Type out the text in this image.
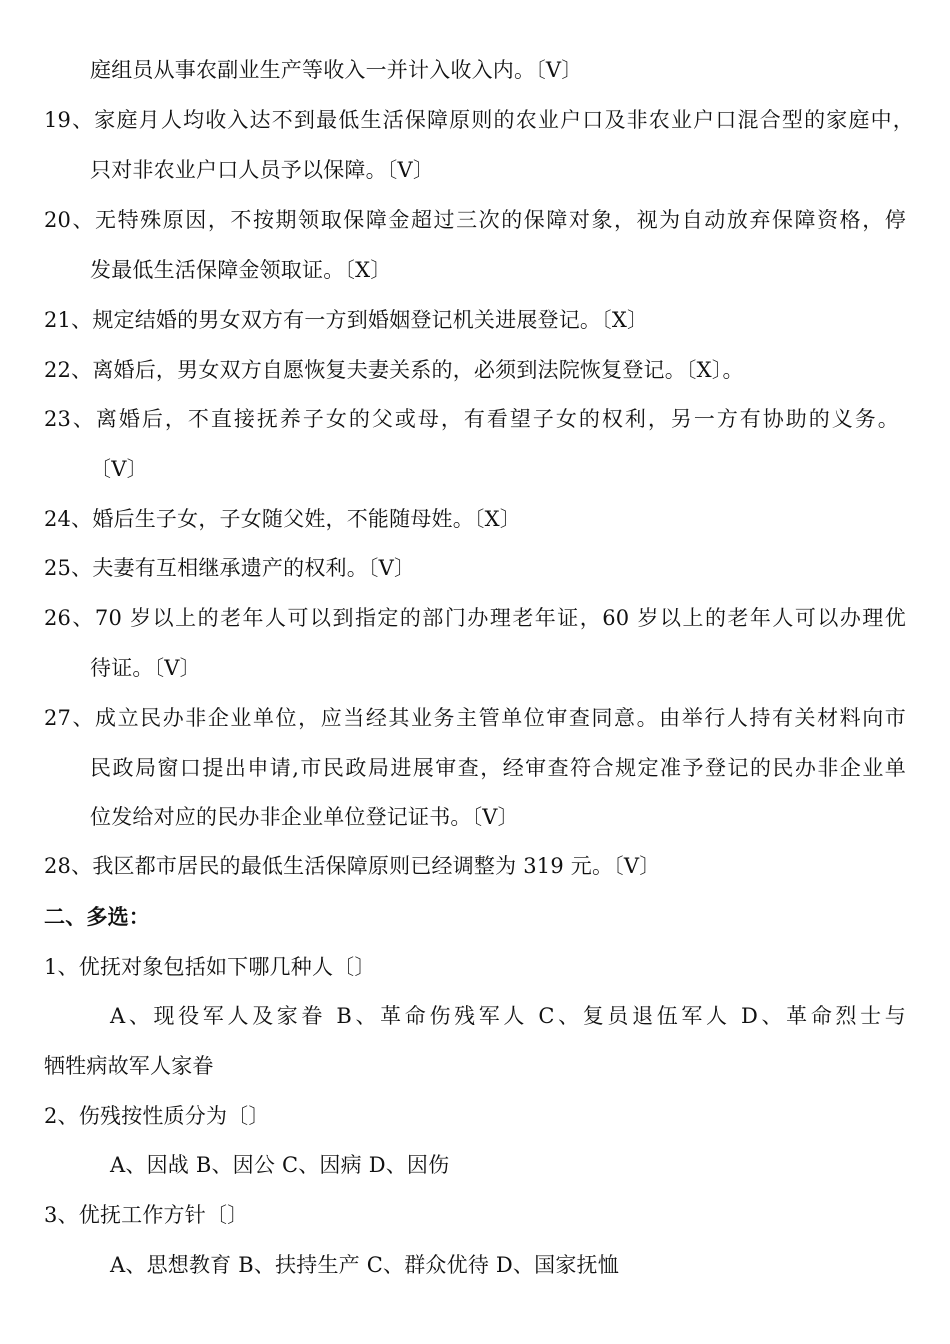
庭组员从事农副业生产等收入一并计入收入内。〔V〕
19、家庭月人均收入达不到最低生活保障原则的农业户口及非农业户口混合型的家庭中，
只对非农业户口人员予以保障。〔V〕
20、无特殊原因，不按期领取保障金超过三次的保障对象，视为自动放弃保障资格，停
发最低生活保障金领取证。〔X〕
21、规定结婚的男女双方有一方到婚姻登记机关进展登记。〔X〕
22、离婚后，男女双方自愿恢复夫妻关系的，必须到法院恢复登记。〔X〕。
23、离婚后，不直接抚养子女的父或母，有看望子女的权利，另一方有协助的义务。
〔V〕
24、婚后生子女，子女随父姓，不能随母姓。〔X〕
25、夫妻有互相继承遗产的权利。〔V〕
26、70 岁以上的老年人可以到指定的部门办理老年证，60 岁以上的老年人可以办理优
待证。〔V〕
27、成立民办非企业单位，应当经其业务主管单位审查同意。由举行人持有关材料向市
民政局窗口提出申请,市民政局进展审查，经审查符合规定准予登记的民办非企业单
位发给对应的民办非企业单位登记证书。〔V〕
28、我区都市居民的最低生活保障原则已经调整为 319 元。〔V〕
二、多选：
1、优抚对象包括如下哪几种人〔〕
A、现役军人及家眷 B、革命伤残军人 C、复员退伍军人 D、革命烈士与
牺牲病故军人家眷
2、伤残按性质分为〔〕
A、因战 B、因公 C、因病 D、因伤
3、优抚工作方针〔〕
A、思想教育 B、扶持生产 C、群众优待 D、国家抚恤
